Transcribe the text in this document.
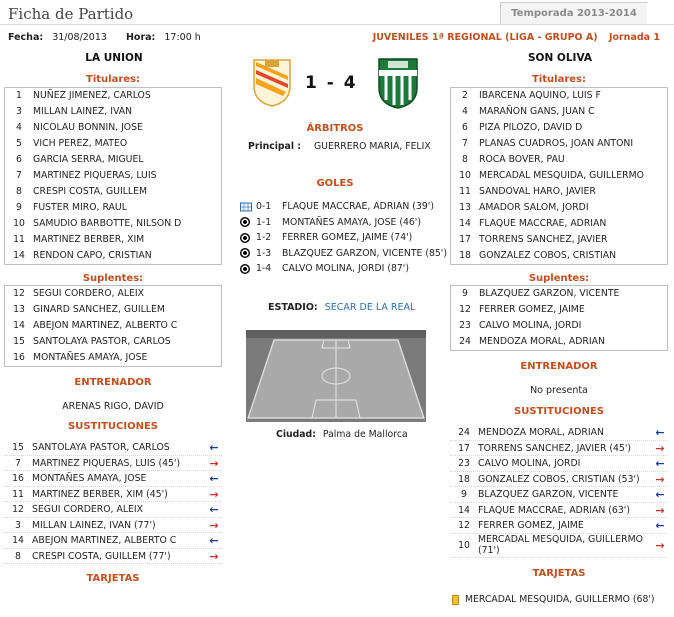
Ficha de Partido	Temporada 2013-2014
Fecha: 31/08/2013 Hora: 17:00 h	JUVENILES 1ª REGIONAL (LIGA - GRUPO A) Jornada 1
LA UNION	SON OLIVA
1 - 4
Titulares:
1	NUÑEZ JIMENEZ, CARLOS
3	MILLAN LAINEZ, IVAN
4	NICOLAU BONNIN, JOSE
5	VICH PEREZ, MATEO
6	GARCIA SERRA, MIGUEL
7	MARTINEZ PIQUERAS, LUIS
8	CRESPI COSTA, GUILLEM
9	FUSTER MIRO, RAUL
10 SAMUDIO BARBOTTE, NILSON D
11 MARTINEZ BERBER, XIM
14 RENDON CAPO, CRISTIAN
Suplentes:
12 SEGUI CORDERO, ALEIX
13 GINARD SANCHEZ, GUILLEM
14 ABEJON MARTINEZ, ALBERTO C
15 SANTOLAYA PASTOR, CARLOS
16 MONTAÑES AMAYA, JOSE
ENTRENADOR
ARENAS RIGO, DAVID
SUSTITUCIONES
15 SANTOLAYA PASTOR, CARLOS	←
7	MARTINEZ PIQUERAS, LUIS (45')	→
16 MONTAÑES AMAYA, JOSE	←
11 MARTINEZ BERBER, XIM (45')	→
12 SEGUI CORDERO, ALEIX	←
3	MILLAN LAINEZ, IVAN (77')	→
14 ABEJON MARTINEZ, ALBERTO C	←
8	CRESPI COSTA, GUILLEM (77')	→
TARJETAS
Titulares:
2	IBARCENA AQUINO, LUIS F
4	MARAÑON GANS, JUAN C
6	PIZA PILOZO, DAVID D
7	PLANAS CUADROS, JOAN ANTONI
8	ROCA BOVER, PAU
10 MERCADAL MESQUIDA, GUILLERMO
11 SANDOVAL HARO, JAVIER
13 AMADOR SALOM, JORDI
14 FLAQUE MACCRAE, ADRIAN
17 TORRENS SANCHEZ, JAVIER
18 GONZALEZ COBOS, CRISTIAN
Suplentes:
9	BLAZQUEZ GARZON, VICENTE
12 FERRER GOMEZ, JAIME
23 CALVO MOLINA, JORDI
24 MENDOZA MORAL, ADRIAN
ENTRENADOR
No presenta
SUSTITUCIONES
24 MENDOZA MORAL, ADRIAN	←
17 TORRENS SANCHEZ, JAVIER (45')	→
23 CALVO MOLINA, JORDI	←
18 GONZALEZ COBOS, CRISTIAN (53')	→
9	BLAZQUEZ GARZON, VICENTE	←
14 FLAQUE MACCRAE, ADRIAN (63')	→
12 FERRER GOMEZ, JAIME	←
10 MERCADAL MESQUIDA, GUILLERMO (71')	→
TARJETAS
MERCADAL MESQUIDA, GUILLERMO (68')
ÁRBITROS
Principal : GUERRERO MARIA, FELIX
GOLES
0-1	FLAQUE MACCRAE, ADRIAN (39')
1-1	MONTAÑES AMAYA, JOSE (46')
1-2	FERRER GOMEZ, JAIME (74')
1-3	BLAZQUEZ GARZON, VICENTE (85')
1-4	CALVO MOLINA, JORDI (87')
ESTADIO: SECAR DE LA REAL
Ciudad: Palma de Mallorca
